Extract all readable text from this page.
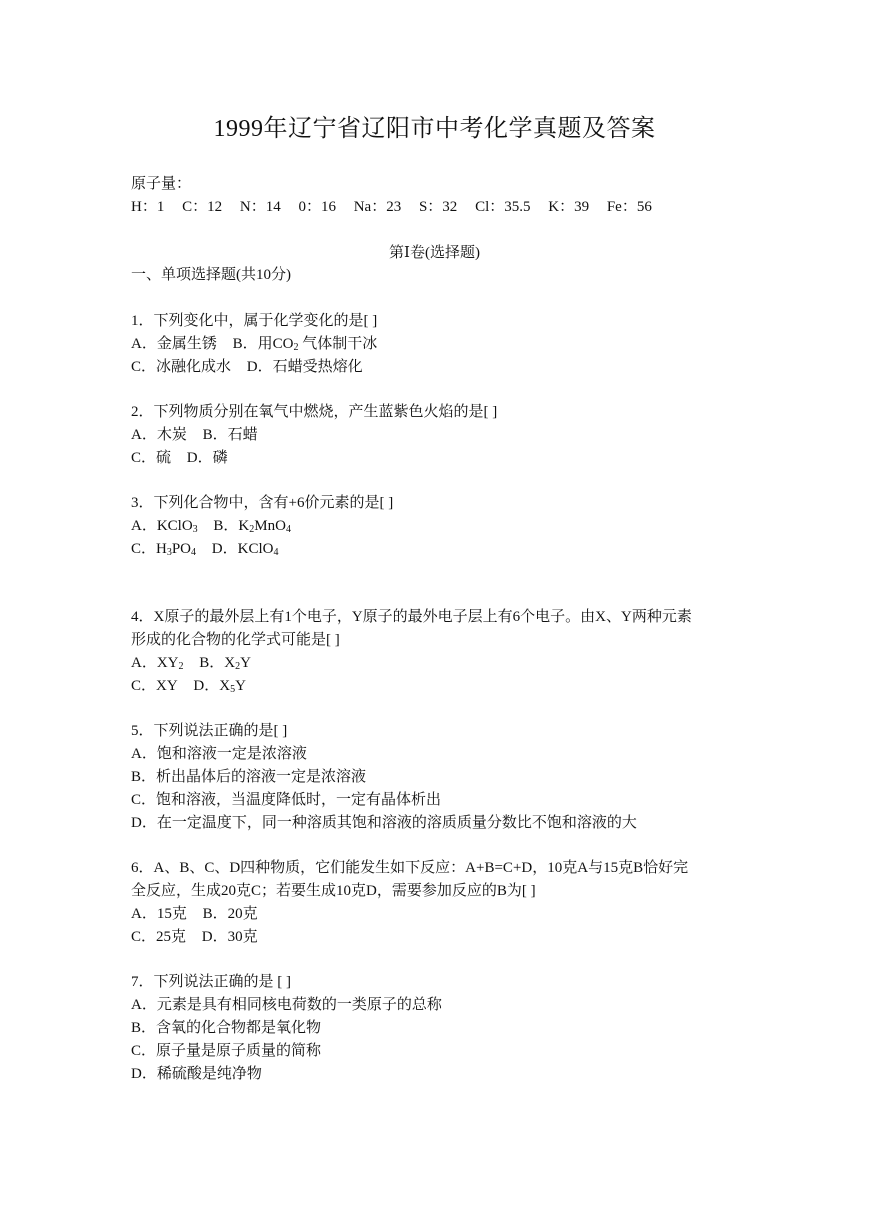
1999年辽宁省辽阳市中考化学真题及答案
原子量：
H：1 C：12 N：14 0：16 Na：23 S：32 Cl：35.5 K：39 Fe：56
第Ⅰ卷(选择题)
一、单项选择题(共10分)
1．下列变化中，属于化学变化的是[ ]
A．金属生锈 B．用$CO_2$ 气体制干冰
C．冰融化成水 D．石蜡受热熔化
2．下列物质分别在氧气中燃烧，产生蓝紫色火焰的是[ ]
A．木炭 B．石蜡
C．硫 D．磷
3．下列化合物中，含有+6价元素的是[ ]
A．KClO$_3$ B．$K_2MnO_4$
C．$H_3PO_4$ D．KClO$_4$
4．X原子的最外层上有1个电子，Y原子的最外电子层上有6个电子。由X、Y两种元素
形成的化合物的化学式可能是[ ]
A．$XY_2$ B．$X_2Y$
C．XY D．$X_5Y$
5．下列说法正确的是[ ]
A．饱和溶液一定是浓溶液
B．析出晶体后的溶液一定是浓溶液
C．饱和溶液，当温度降低时，一定有晶体析出
D．在一定温度下，同一种溶质其饱和溶液的溶质质量分数比不饱和溶液的大
6．A、B、C、D四种物质，它们能发生如下反应：A+B=C+D，10克A与15克B恰好完
全反应，生成20克C；若要生成10克D，需要参加反应的B为[ ]
A．15克 B．20克
C．25克 D．30克
7．下列说法正确的是 [ ]
A．元素是具有相同核电荷数的一类原子的总称
B．含氧的化合物都是氧化物
C．原子量是原子质量的简称
D．稀硫酸是纯净物
